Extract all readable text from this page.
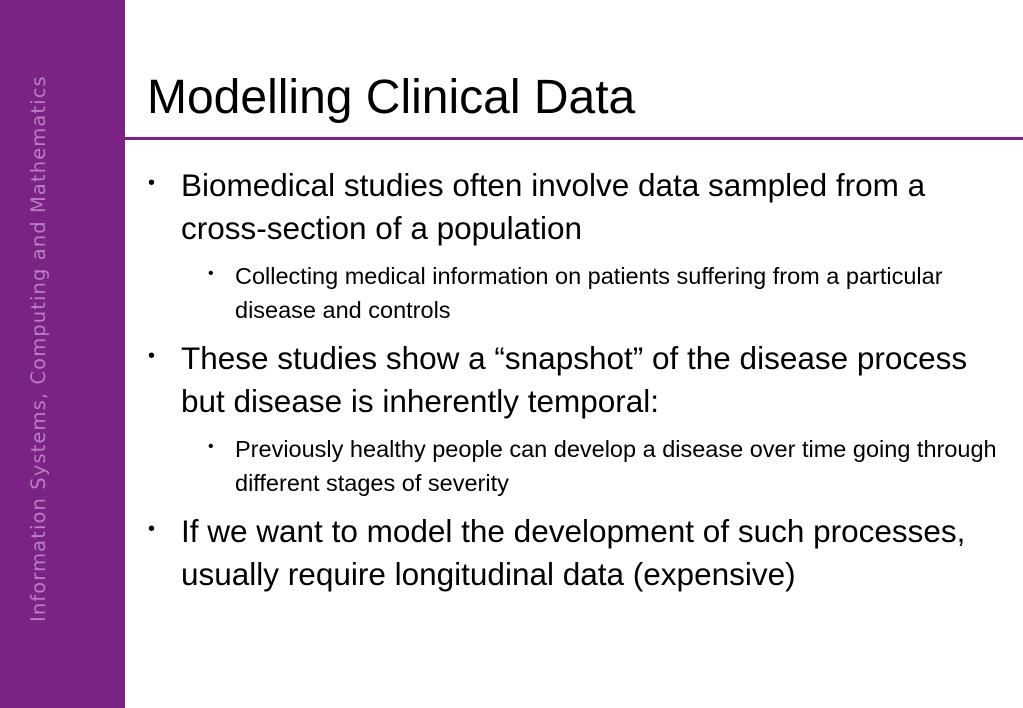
Information Systems, Computing and Mathematics Modelling Clinical Data
• Biomedical studies often involve data sampled from a cross-section of a population
• Collecting medical information on patients suffering from a particular disease and controls
• These studies show a “snapshot” of the disease process but disease is inherently temporal:
• Previously healthy people can develop a disease over time going through different stages of severity
• If we want to model the development of such processes, usually require longitudinal data (expensive)
